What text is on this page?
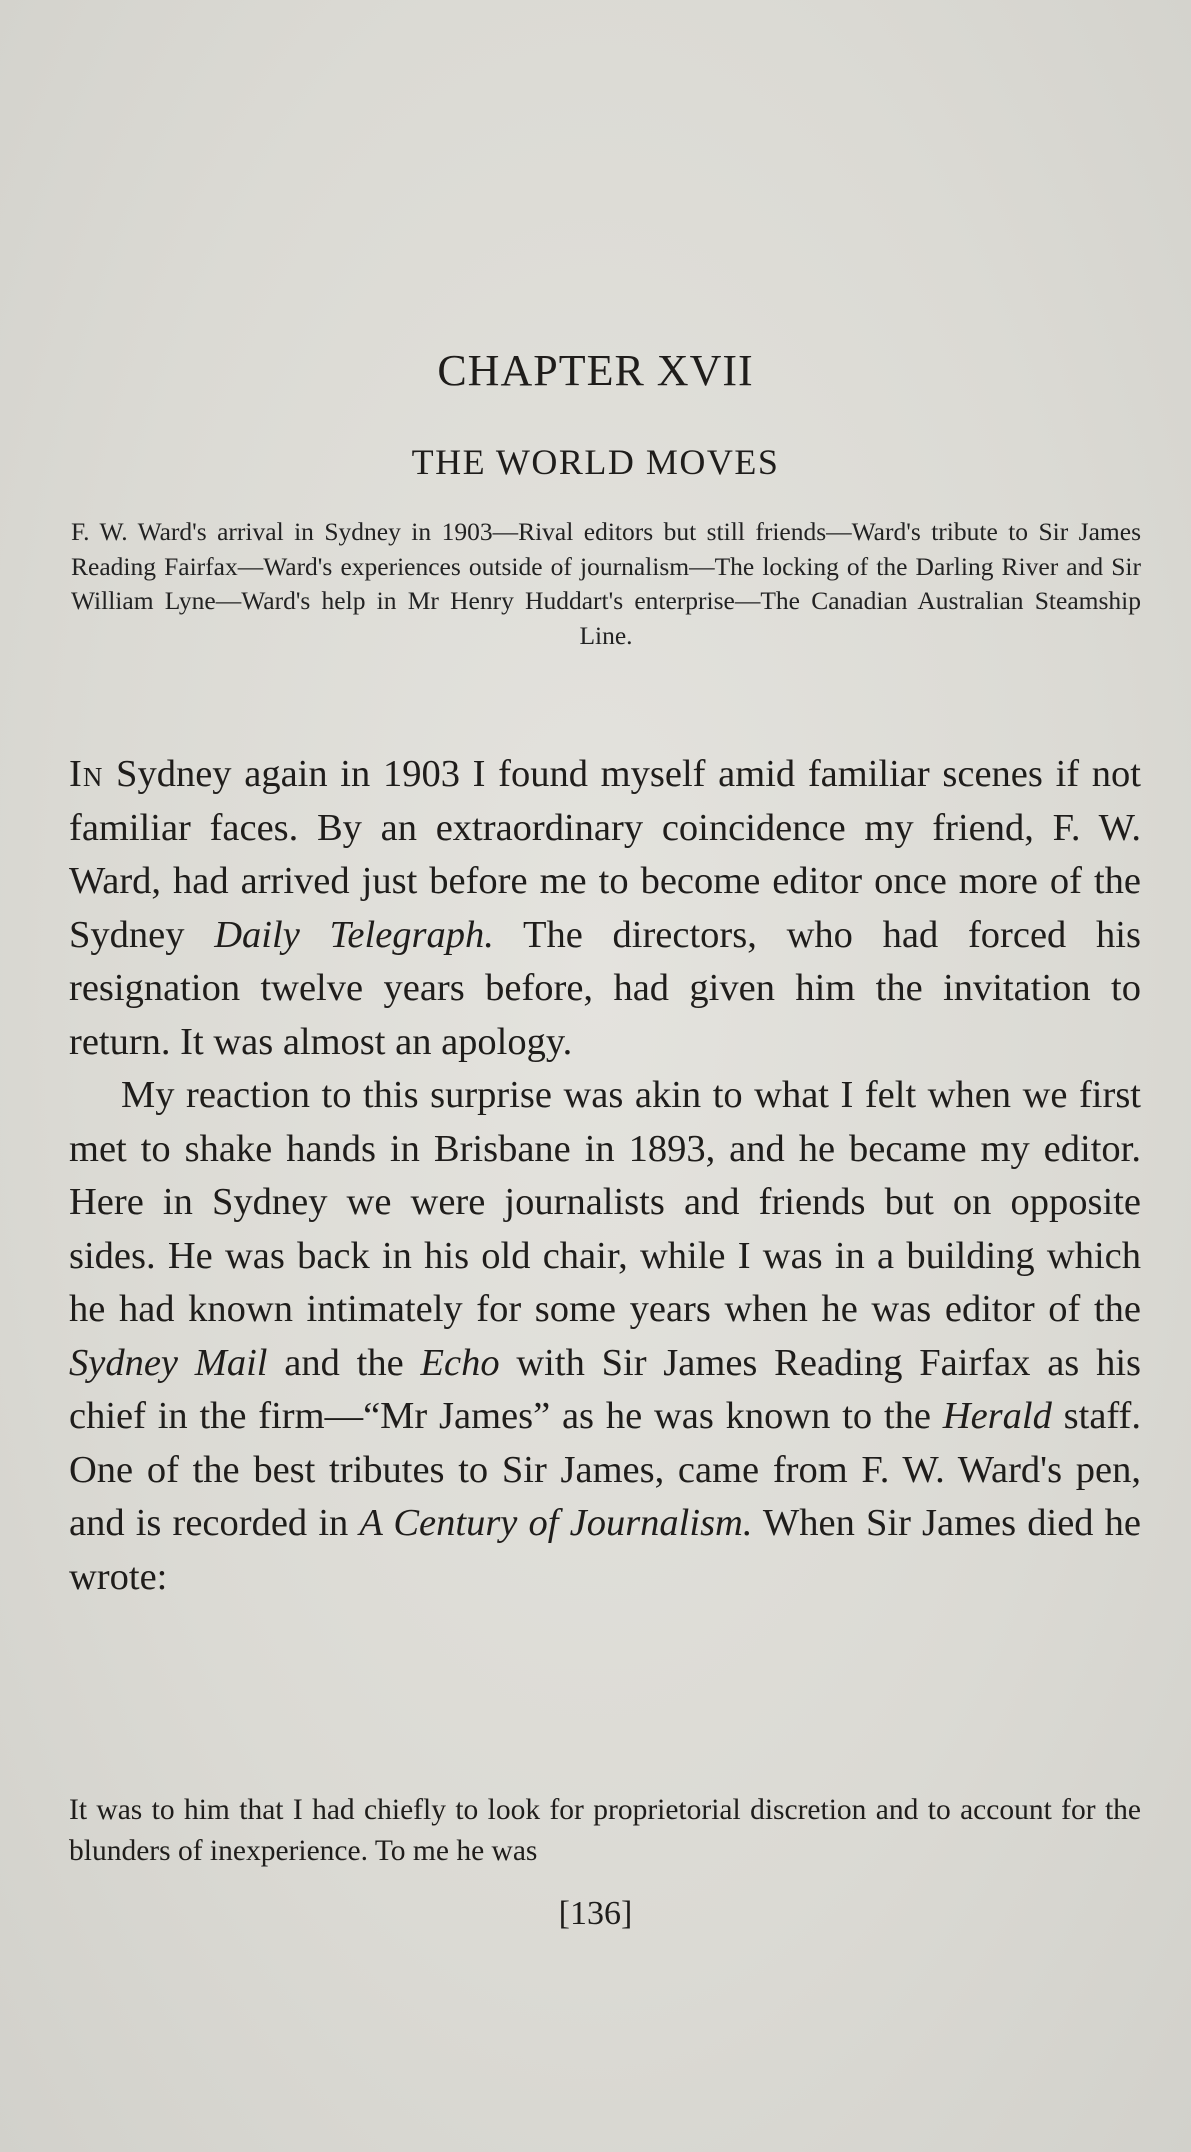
CHAPTER XVII
THE WORLD MOVES
F. W. Ward's arrival in Sydney in 1903—Rival editors but still friends—Ward's tribute to Sir James Reading Fairfax—Ward's experiences outside of journalism—The locking of the Darling River and Sir William Lyne—Ward's help in Mr Henry Huddart's enterprise—The Canadian Australian Steamship Line.

In Sydney again in 1903 I found myself amid familiar scenes if not familiar faces. By an extraordinary coincidence my friend, F. W. Ward, had arrived just before me to become editor once more of the Sydney Daily Telegraph. The directors, who had forced his resignation twelve years before, had given him the invitation to return. It was almost an apology.

My reaction to this surprise was akin to what I felt when we first met to shake hands in Brisbane in 1893, and he became my editor. Here in Sydney we were journalists and friends but on opposite sides. He was back in his old chair, while I was in a building which he had known intimately for some years when he was editor of the Sydney Mail and the Echo with Sir James Reading Fairfax as his chief in the firm—“Mr James” as he was known to the Herald staff. One of the best tributes to Sir James, came from F. W. Ward's pen, and is recorded in A Century of Journalism. When Sir James died he wrote:

It was to him that I had chiefly to look for proprietorial discretion and to account for the blunders of inexperience. To me he was

[136]
